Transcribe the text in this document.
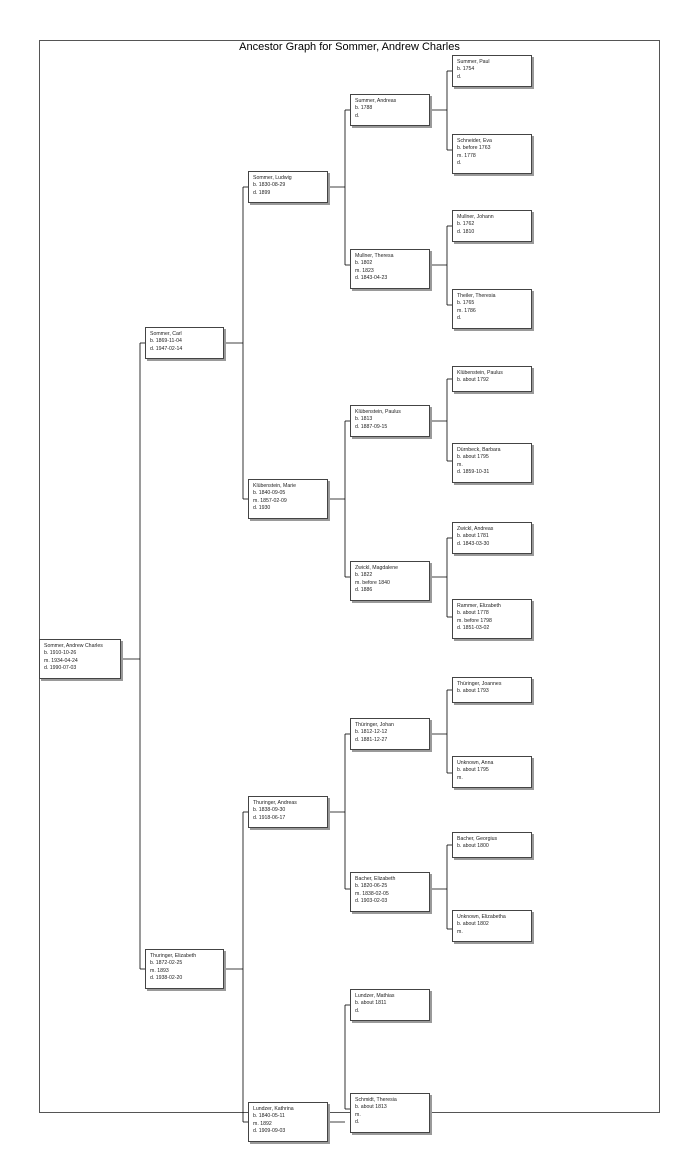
Ancestor Graph for Sommer, Andrew Charles
Sommer, Andrew Charles
b. 1910-10-26
m. 1934-04-24
d. 1990-07-03
Sommer, Carl
b. 1869-11-04
d. 1947-02-14
Thuringer, Elizabeth
b. 1872-02-25
m. 1893
d. 1938-02-20
Sommer, Ludwig
b. 1830-08-29
d. 1899
Klübenstein, Marie
b. 1840-09-05
m. 1857-02-09
d. 1930
Thuringer, Andreas
b. 1838-09-30
d. 1918-06-17
Lundzer, Kathrina
b. 1840-05-11
m. 1892
d. 1909-09-03
Summer, Andreas
b. 1788
d.
Mullner, Theresa
b. 1802
m. 1823
d. 1843-04-23
Klübenstein, Paulus
b. 1813
d. 1887-09-15
Zwickl, Magdalene
b. 1822
m. before 1840
d. 1886
Thüringer, Johan
b. 1812-12-12
d. 1881-12-27
Bacher, Elizabeth
b. 1820-06-25
m. 1838-02-05
d. 1903-02-03
Lundzer, Mathias
b. about 1811
d.
Schmidt, Theresia
b. about 1813
m.
d.
Summer, Paul
b. 1754
d.
Schneider, Eva
b. before 1763
m. 1778
d.
Mullner, Johann
b. 1762
d. 1810
Theiler, Theresia
b. 1765
m. 1786
d.
Klübenstein, Paulus
b. about 1792
Dürnbeck, Barbara
b. about 1795
m.
d. 1859-10-31
Zwickl, Andreas
b. about 1781
d. 1843-03-30
Rammer, Elizabeth
b. about 1778
m. before 1798
d. 1851-03-02
Thüringer, Joannes
b. about 1793
Unknown, Anna
b. about 1795
m.
Bacher, Georgius
b. about 1800
Unknown, Elizabetha
b. about 1802
m.
